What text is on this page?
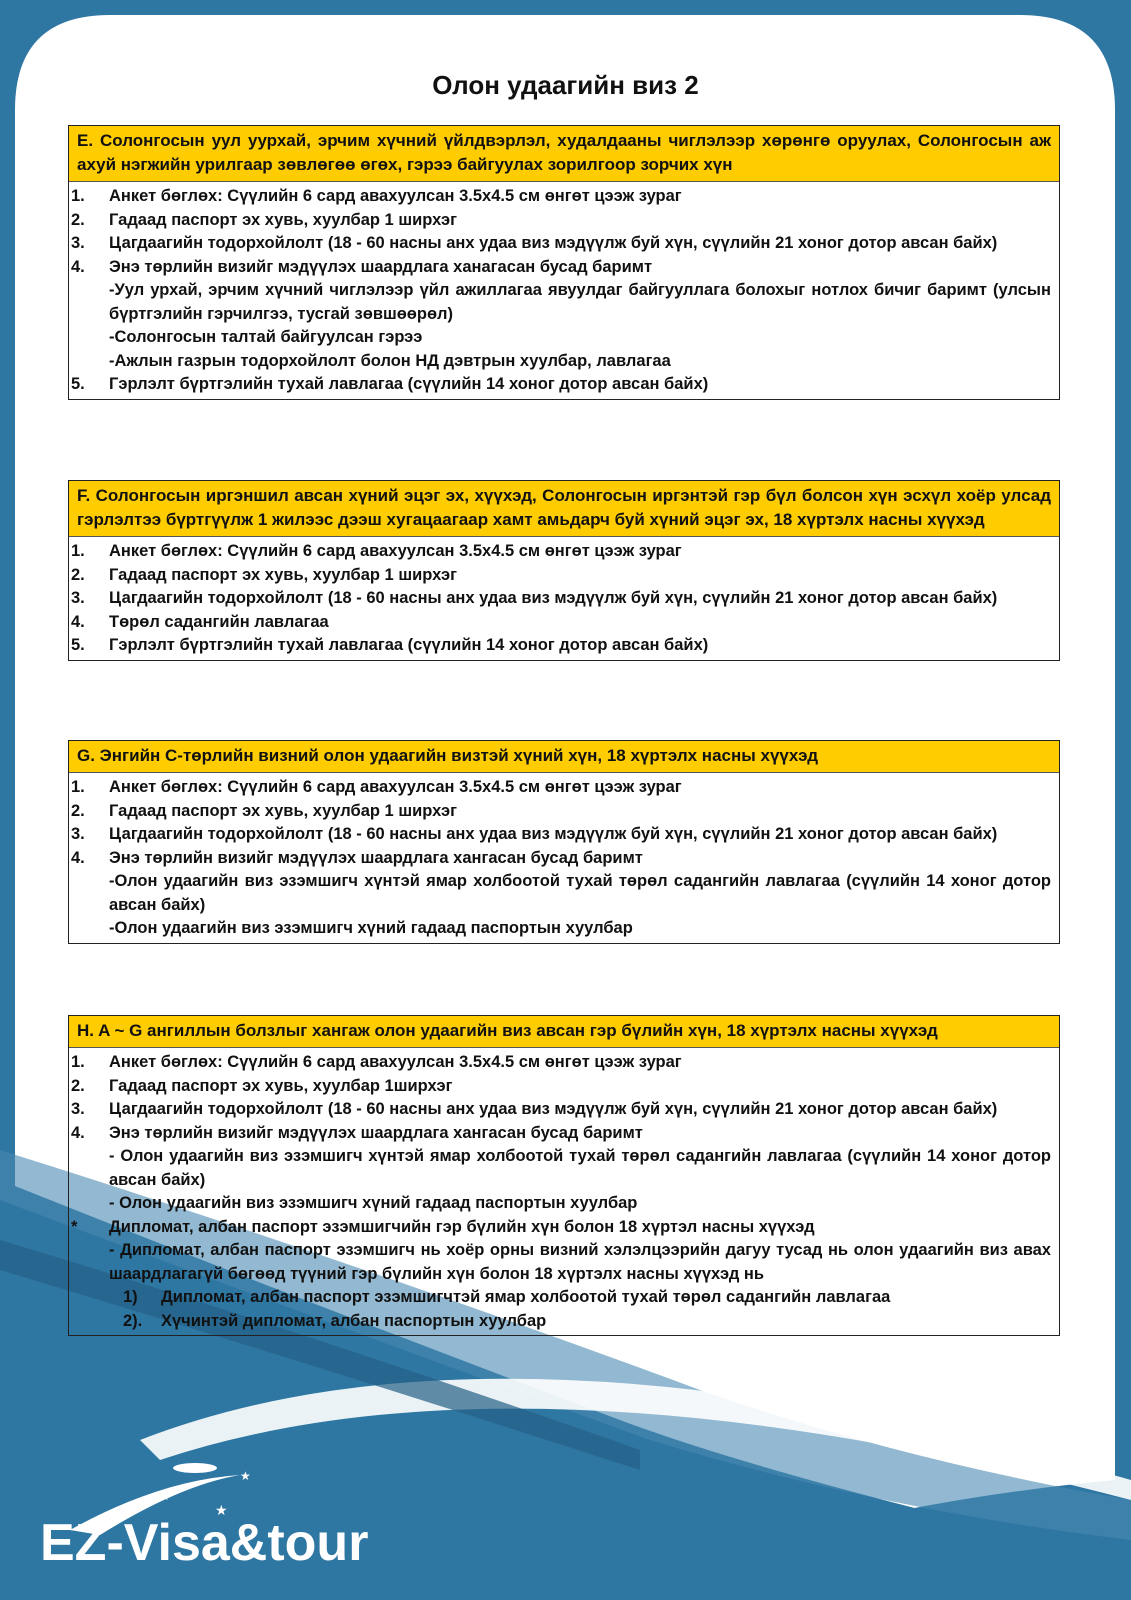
Олон удаагийн виз 2
E. Солонгосын уул уурхай, эрчим хүчний үйлдвэрлэл, худалдааны чиглэлээр хөрөнгө оруулах, Солонгосын аж ахуй нэгжийн урилгаар зөвлөгөө өгөх, гэрээ байгуулах зорилгоор зорчих хүн
1.	Анкет бөглөх: Сүүлийн 6 сард авахуулсан 3.5x4.5 см өнгөт цээж зураг
2.	Гадаад паспорт эх хувь, хуулбар 1 ширхэг
3.	Цагдаагийн тодорхойлолт (18 - 60 насны анх удаа виз мэдүүлж буй хүн, сүүлийн 21 хоног дотор авсан байх)
4.	Энэ төрлийн визийг мэдүүлэх шаардлага ханагасан бусад баримт
-Уул урхай, эрчим хүчний чиглэлээр үйл ажиллагаа явуулдаг байгууллага болохыг нотлох бичиг баримт (улсын бүртгэлийн гэрчилгээ, тусгай зөвшөөрөл)
-Солонгосын талтай байгуулсан гэрээ
-Ажлын газрын тодорхойлолт болон НД дэвтрын хуулбар, лавлагаа
5.	Гэрлэлт бүртгэлийн тухай лавлагаа (сүүлийн 14 хоног дотор авсан байх)
F. Солонгосын иргэншил авсан хүний эцэг эх, хүүхэд, Солонгосын иргэнтэй гэр бүл болсон хүн эсхүл хоёр улсад гэрлэлтээ бүртгүүлж 1 жилээс дээш хугацаагаар хамт амьдарч буй хүний эцэг эх, 18 хүртэлх насны хүүхэд
1.	Анкет бөглөх: Сүүлийн 6 сард авахуулсан 3.5x4.5 см өнгөт цээж зураг
2.	Гадаад паспорт эх хувь, хуулбар 1 ширхэг
3.	Цагдаагийн тодорхойлолт (18 - 60 насны анх удаа виз мэдүүлж буй хүн, сүүлийн 21 хоног дотор авсан байх)
4.	Төрөл садангийн лавлагаа
5.	Гэрлэлт бүртгэлийн тухай лавлагаа (сүүлийн 14 хоног дотор авсан байх)
G. Энгийн С-төрлийн визний олон удаагийн визтэй хүний хүн, 18 хүртэлх насны хүүхэд
1.	Анкет бөглөх: Сүүлийн 6 сард авахуулсан 3.5x4.5 см өнгөт цээж зураг
2.	Гадаад паспорт эх хувь, хуулбар 1 ширхэг
3.	Цагдаагийн тодорхойлолт (18 - 60 насны анх удаа виз мэдүүлж буй хүн, сүүлийн 21 хоног дотор авсан байх)
4.	Энэ төрлийн визийг мэдүүлэх шаардлага хангасан бусад баримт
-Олон удаагийн виз эзэмшигч хүнтэй ямар холбоотой тухай төрөл садангийн лавлагаа (сүүлийн 14 хоног дотор авсан байх)
-Олон удаагийн виз эзэмшигч хүний гадаад паспортын хуулбар
H. A ~ G ангиллын болзлыг хангаж олон удаагийн виз авсан гэр бүлийн хүн, 18 хүртэлх насны хүүхэд
1.	Анкет бөглөх: Сүүлийн 6 сард авахуулсан 3.5x4.5 см өнгөт цээж зураг
2.	Гадаад паспорт эх хувь, хуулбар 1ширхэг
3.	Цагдаагийн тодорхойлолт (18 - 60 насны анх удаа виз мэдүүлж буй хүн, сүүлийн 21 хоног дотор авсан байх)
4.	Энэ төрлийн визийг мэдүүлэх шаардлага хангасан бусад баримт
- Олон удаагийн виз эзэмшигч хүнтэй ямар холбоотой тухай төрөл садангийн лавлагаа (сүүлийн 14 хоног дотор авсан байх)
- Олон удаагийн виз эзэмшигч хүний гадаад паспортын хуулбар
*	Дипломат, албан паспорт эзэмшигчийн гэр бүлийн хүн болон 18 хүртэл насны хүүхэд
- Дипломат, албан паспорт эзэмшигч нь хоёр орны визний хэлэлцээрийн дагуу тусад нь олон удаагийн виз авах шаардлагагүй бөгөөд түүний гэр бүлийн хүн болон 18 хүртэлх насны хүүхэд нь
1)	Дипломат, албан паспорт эзэмшигчтэй ямар холбоотой тухай төрөл садангийн лавлагаа
2).	Хүчинтэй дипломат, албан паспортын хуулбар
★
★
★
EZ-Visa&tour
